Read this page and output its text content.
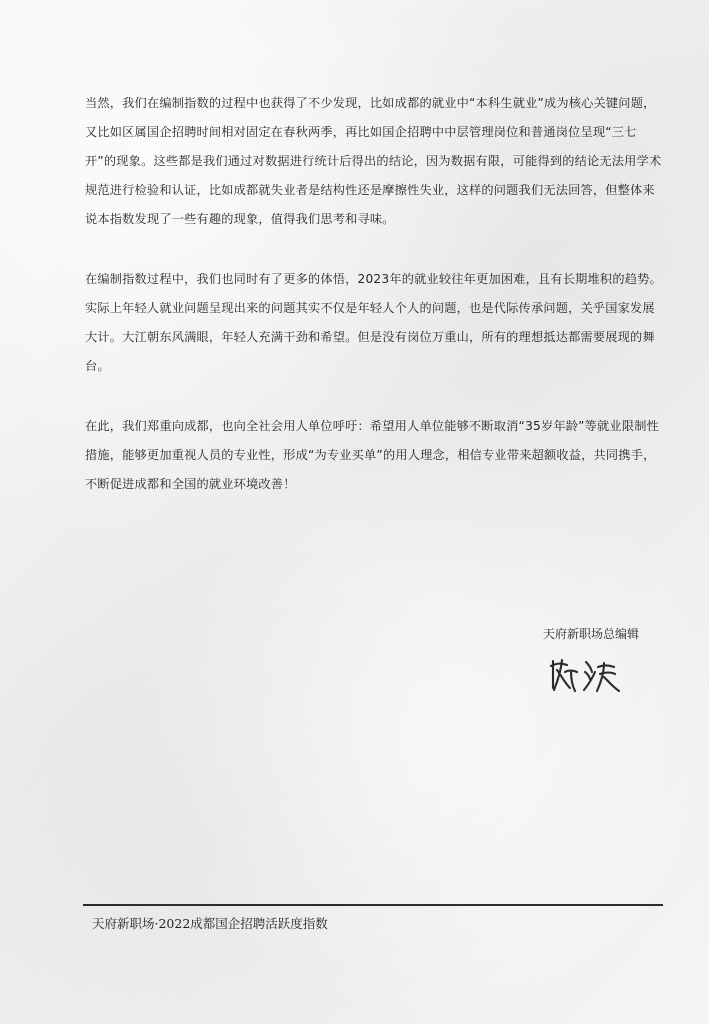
当然，我们在编制指数的过程中也获得了不少发现，比如成都的就业中“本科生就业”成为核心关键问题，又比如区属国企招聘时间相对固定在春秋两季，再比如国企招聘中中层管理岗位和普通岗位呈现“三七开”的现象。这些都是我们通过对数据进行统计后得出的结论，因为数据有限，可能得到的结论无法用学术规范进行检验和认证，比如成都就失业者是结构性还是摩擦性失业，这样的问题我们无法回答，但整体来说本指数发现了一些有趣的现象，值得我们思考和寻味。

在编制指数过程中，我们也同时有了更多的体悟，2023年的就业较往年更加困难，且有长期堆积的趋势。实际上年轻人就业问题呈现出来的问题其实不仅是年轻人个人的问题，也是代际传承问题，关乎国家发展大计。大江朝东风满眼，年轻人充满干劲和希望。但是没有岗位万重山，所有的理想抵达都需要展现的舞台。

在此，我们郑重向成都，也向全社会用人单位呼吁：希望用人单位能够不断取消“35岁年龄”等就业限制性措施，能够更加重视人员的专业性，形成“为专业买单”的用人理念，相信专业带来超额收益，共同携手，不断促进成都和全国的就业环境改善！

天府新职场总编辑
天府新职场·2022成都国企招聘活跃度指数
